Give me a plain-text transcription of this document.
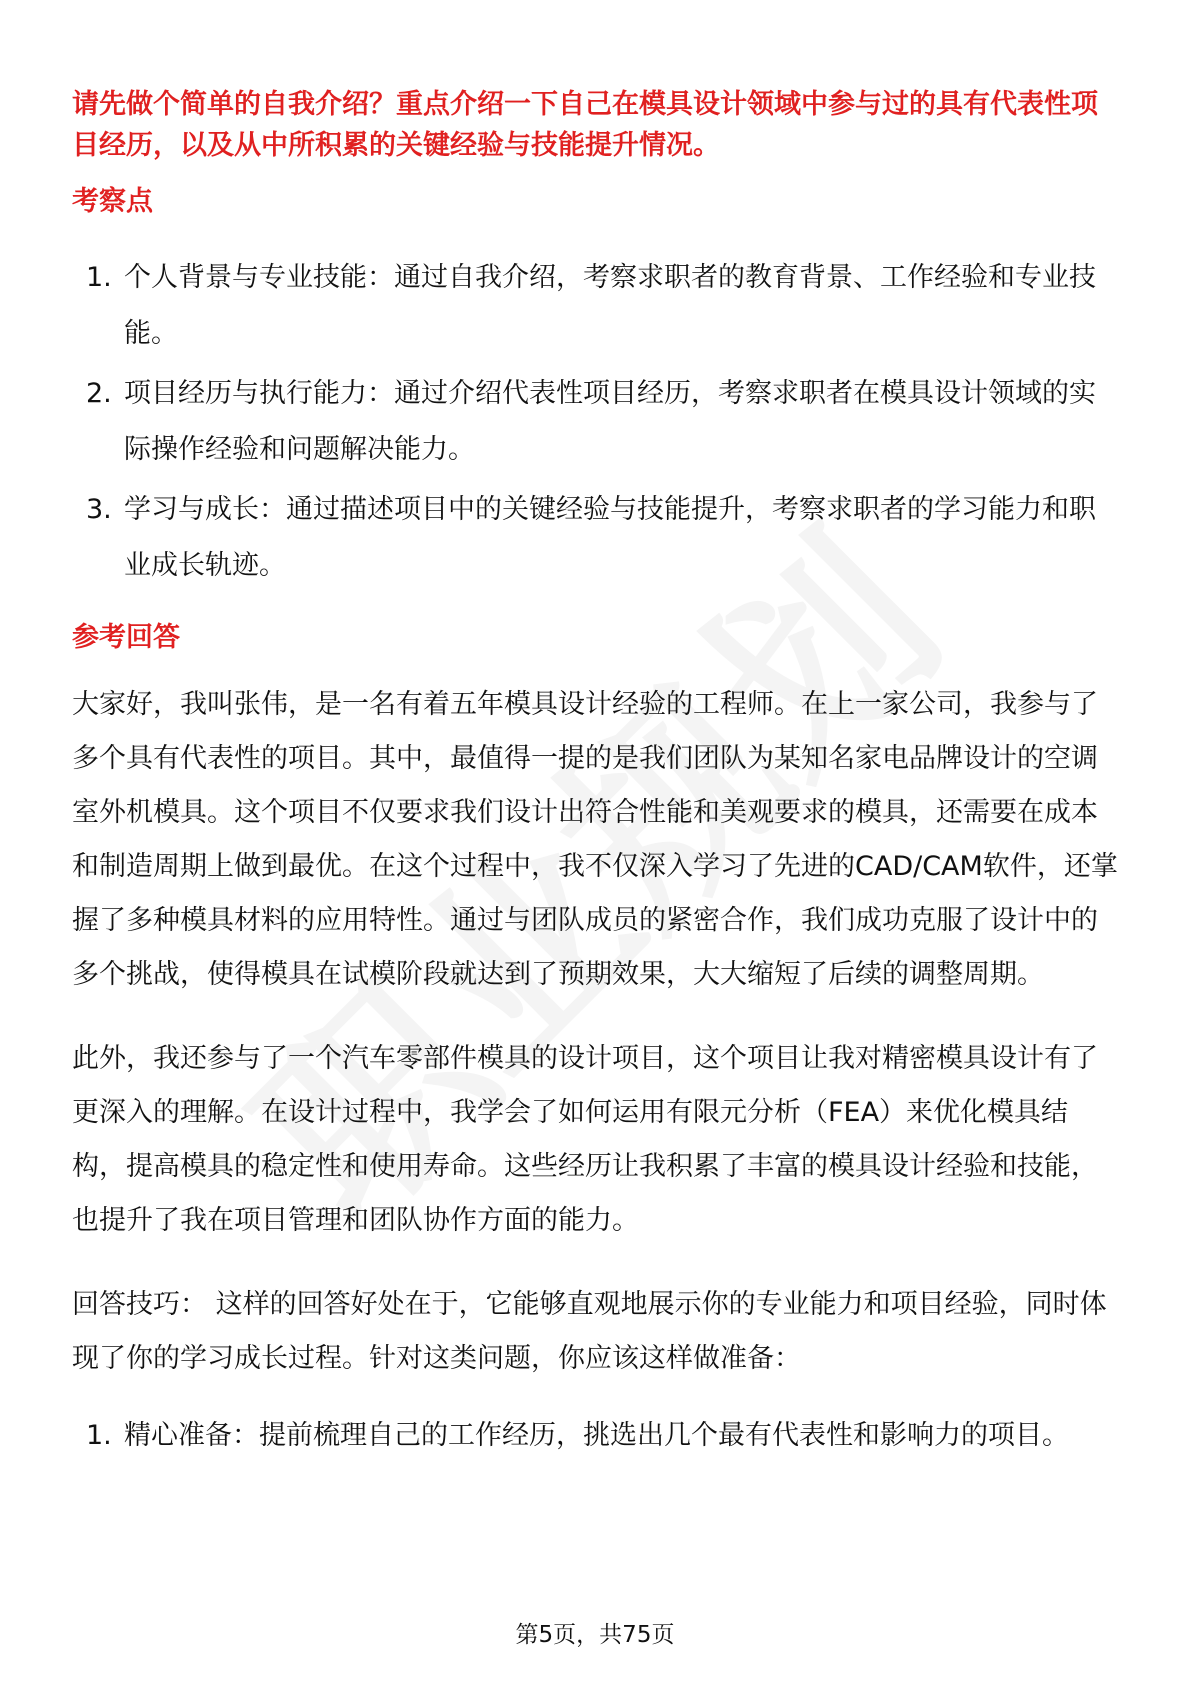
请先做个简单的自我介绍？重点介绍一下自己在模具设计领域中参与过的具有代表性项目经历，以及从中所积累的关键经验与技能提升情况。

考察点
1. 个人背景与专业技能：通过自我介绍，考察求职者的教育背景、工作经验和专业技能。
2. 项目经历与执行能力：通过介绍代表性项目经历，考察求职者在模具设计领域的实际操作经验和问题解决能力。
3. 学习与成长：通过描述项目中的关键经验与技能提升，考察求职者的学习能力和职业成长轨迹。
参考回答

大家好，我叫张伟，是一名有着五年模具设计经验的工程师。在上一家公司，我参与了多个具有代表性的项目。其中，最值得一提的是我们团队为某知名家电品牌设计的空调室外机模具。这个项目不仅要求我们设计出符合性能和美观要求的模具，还需要在成本和制造周期上做到最优。在这个过程中，我不仅深入学习了先进的CAD/CAM软件，还掌握了多种模具材料的应用特性。通过与团队成员的紧密合作，我们成功克服了设计中的多个挑战，使得模具在试模阶段就达到了预期效果，大大缩短了后续的调整周期。

此外，我还参与了一个汽车零部件模具的设计项目，这个项目让我对精密模具设计有了更深入的理解。在设计过程中，我学会了如何运用有限元分析（FEA）来优化模具结构，提高模具的稳定性和使用寿命。这些经历让我积累了丰富的模具设计经验和技能，也提升了我在项目管理和团队协作方面的能力。

回答技巧： 这样的回答好处在于，它能够直观地展示你的专业能力和项目经验，同时体现了你的学习成长过程。针对这类问题，你应该这样做准备：

1. 精心准备：提前梳理自己的工作经历，挑选出几个最有代表性和影响力的项目。
第5页，共75页
